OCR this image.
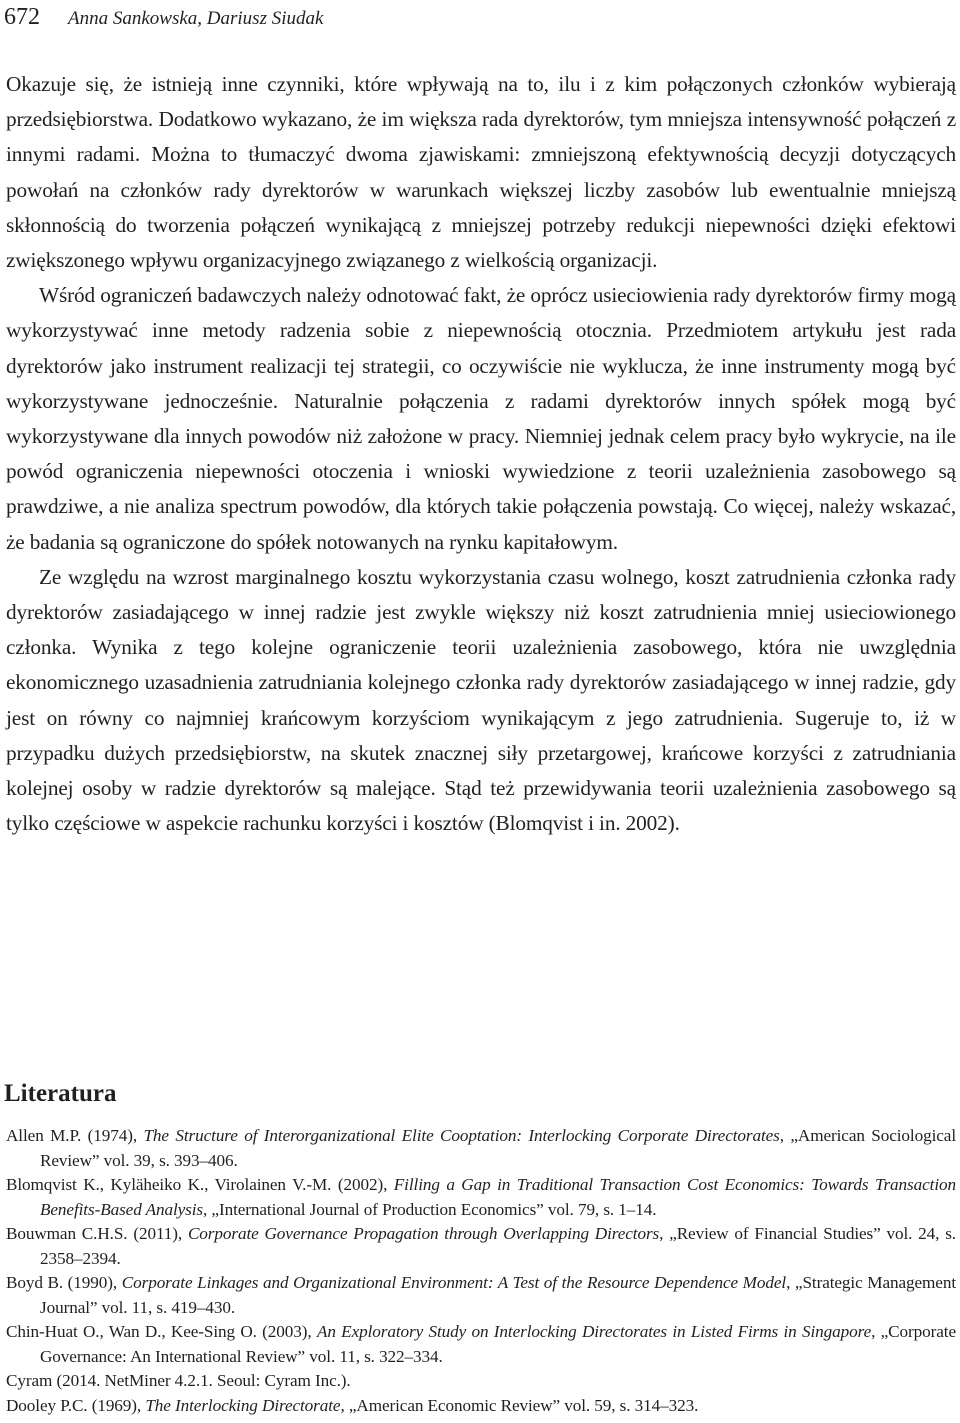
672 Anna Sankowska, Dariusz Siudak

Okazuje się, że istnieją inne czynniki, które wpływają na to, ilu i z kim połączonych członków wybierają przedsiębiorstwa. Dodatkowo wykazano, że im większa rada dyrektorów, tym mniejsza intensywność połączeń z innymi radami. Można to tłumaczyć dwoma zjawiskami: zmniejszoną efektywnością decyzji dotyczących powołań na członków rady dyrektorów w warunkach większej liczby zasobów lub ewentualnie mniejszą skłonnością do tworzenia połączeń wynikającą z mniejszej potrzeby redukcji niepewności dzięki efektowi zwiększonego wpływu organizacyjnego związanego z wielkością organizacji.

Wśród ograniczeń badawczych należy odnotować fakt, że oprócz usieciowienia rady dyrektorów firmy mogą wykorzystywać inne metody radzenia sobie z niepewnością otocznia. Przedmiotem artykułu jest rada dyrektorów jako instrument realizacji tej strategii, co oczywiście nie wyklucza, że inne instrumenty mogą być wykorzystywane jednocześnie. Naturalnie połączenia z radami dyrektorów innych spółek mogą być wykorzystywane dla innych powodów niż założone w pracy. Niemniej jednak celem pracy było wykrycie, na ile powód ograniczenia niepewności otoczenia i wnioski wywiedzione z teorii uzależnienia zasobowego są prawdziwe, a nie analiza spectrum powodów, dla których takie połączenia powstają. Co więcej, należy wskazać, że badania są ograniczone do spółek notowanych na rynku kapitałowym.

Ze względu na wzrost marginalnego kosztu wykorzystania czasu wolnego, koszt zatrudnienia członka rady dyrektorów zasiadającego w innej radzie jest zwykle większy niż koszt zatrudnienia mniej usieciowionego członka. Wynika z tego kolejne ograniczenie teorii uzależnienia zasobowego, która nie uwzględnia ekonomicznego uzasadnienia zatrudniania kolejnego członka rady dyrektorów zasiadającego w innej radzie, gdy jest on równy co najmniej krańcowym korzyściom wynikającym z jego zatrudnienia. Sugeruje to, iż w przypadku dużych przedsiębiorstw, na skutek znacznej siły przetargowej, krańcowe korzyści z zatrudniania kolejnej osoby w radzie dyrektorów są malejące. Stąd też przewidywania teorii uzależnienia zasobowego są tylko częściowe w aspekcie rachunku korzyści i kosztów (Blomqvist i in. 2002).

Literatura

Allen M.P. (1974), The Structure of Interorganizational Elite Cooptation: Interlocking Corporate Directorates, „American Sociological Review” vol. 39, s. 393–406.

Blomqvist K., Kyläheiko K., Virolainen V.-M. (2002), Filling a Gap in Traditional Transaction Cost Economics: Towards Transaction Benefits-Based Analysis, „International Journal of Production Economics” vol. 79, s. 1–14.

Bouwman C.H.S. (2011), Corporate Governance Propagation through Overlapping Directors, „Review of Financial Studies” vol. 24, s. 2358–2394.

Boyd B. (1990), Corporate Linkages and Organizational Environment: A Test of the Resource Dependence Model, „Strategic Management Journal” vol. 11, s. 419–430.

Chin-Huat O., Wan D., Kee-Sing O. (2003), An Exploratory Study on Interlocking Directorates in Listed Firms in Singapore, „Corporate Governance: An International Review” vol. 11, s. 322–334.

Cyram (2014. NetMiner 4.2.1. Seoul: Cyram Inc.).

Dooley P.C. (1969), The Interlocking Directorate, „American Economic Review” vol. 59, s. 314–323.
